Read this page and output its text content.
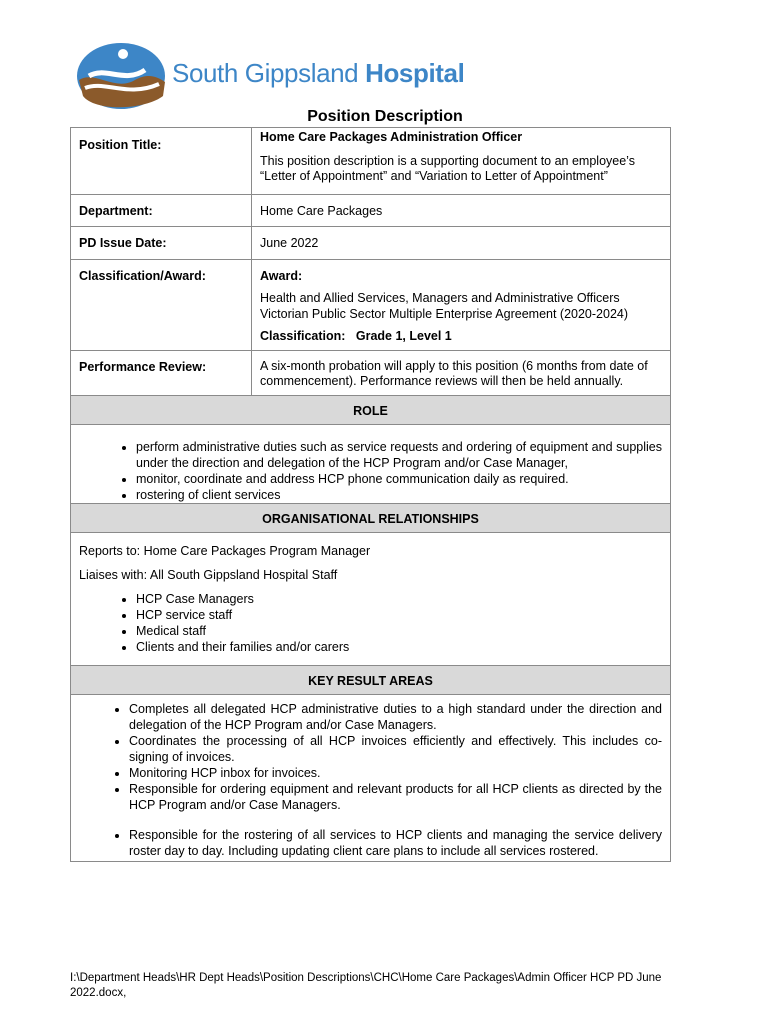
South Gippsland Hospital
Position Description
Position Title:

Home Care Packages Administration Officer

This position description is a supporting document to an employee’s “Letter of Appointment” and “Variation to Letter of Appointment”

Department:	Home Care Packages
PD Issue Date:	June 2022
Classification/Award:	Award:

Health and Allied Services, Managers and Administrative Officers Victorian Public Sector Multiple Enterprise Agreement (2020-2024)

Classification:   Grade 1, Level 1

Performance Review:	A six-month probation will apply to this position (6 months from date of commencement). Performance reviews will then be held annually.
ROLE
• perform administrative duties such as service requests and ordering of equipment and supplies under the direction and delegation of the HCP Program and/or Case Manager,
• monitor, coordinate and address HCP phone communication daily as required.
• rostering of client services
ORGANISATIONAL RELATIONSHIPS

Reports to: Home Care Packages Program Manager

Liaises with: All South Gippsland Hospital Staff

• HCP Case Managers
• HCP service staff
• Medical staff
• Clients and their families and/or carers
KEY RESULT AREAS
• Completes all delegated HCP administrative duties to a high standard under the direction and delegation of the HCP Program and/or Case Managers.
• Coordinates the processing of all HCP invoices efficiently and effectively. This includes co-signing of invoices.
• Monitoring HCP inbox for invoices.
• Responsible for ordering equipment and relevant products for all HCP clients as directed by the HCP Program and/or Case Managers.
• Responsible for the rostering of all services to HCP clients and managing the service delivery roster day to day. Including updating client care plans to include all services rostered.
I:\Department Heads\HR Dept Heads\Position Descriptions\CHC\Home Care Packages\Admin Officer HCP PD June 2022.docx,
